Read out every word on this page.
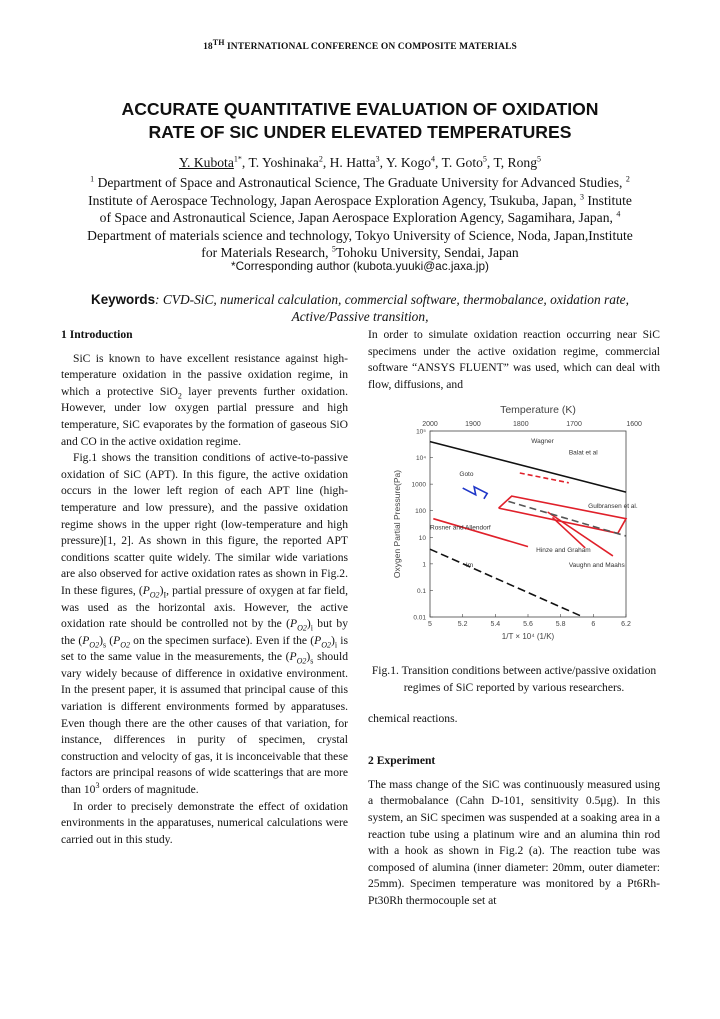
18TH INTERNATIONAL CONFERENCE ON COMPOSITE MATERIALS
ACCURATE QUANTITATIVE EVALUATION OF OXIDATION
RATE OF SIC UNDER ELEVATED TEMPERATURES
Y. Kubota$^{1*}$, T. Yoshinaka$^2$, H. Hatta$^3$, Y. Kogo$^4$, T. Goto$^5$, T, Rong$^5$
$^1$ Department of Space and Astronautical Science, The Graduate University for Advanced Studies, $^2$ Institute of Aerospace Technology, Japan Aerospace Exploration Agency, Tsukuba, Japan, $^3$ Institute of Space and Astronautical Science, Japan Aerospace Exploration Agency, Sagamihara, Japan, $^4$ Department of materials science and technology, Tokyo University of Science, Noda, Japan,Institute for Materials Research, $^5$Tohoku University, Sendai, Japan
*Corresponding author (kubota.yuuki@ac.jaxa.jp)
Keywords: CVD-SiC, numerical calculation, commercial software, thermobalance, oxidation rate, Active/Passive transition,
1 Introduction

SiC is known to have excellent resistance against high-temperature oxidation in the passive oxidation regime, in which a protective SiO$_2$ layer prevents further oxidation. However, under low oxygen partial pressure and high temperature, SiC evaporates by the formation of gaseous SiO and CO in the active oxidation regime.

Fig.1 shows the transition conditions of active-to-passive oxidation of SiC (APT). In this figure, the active oxidation occurs in the lower left region of each APT line (high-temperature and low pressure), and the passive oxidation regime shows in the upper right (low-temperature and high pressure)[1, 2]. As shown in this figure, the reported APT conditions scatter quite widely. The similar wide variations are also observed for active oxidation rates as shown in Fig.2. In these figures, $(P_{O2})_I$, partial pressure of oxygen at far field, was used as the horizontal axis. However, the active oxidation rate should be controlled not by the $(P_{O2})_i$ but by the $(P_{O2})_s$ ($P_{O2}$ on the specimen surface). Even if the $(P_{O2})_i$ is set to the same value in the measurements, the $(P_{O2})_s$ should vary widely because of difference in oxidative environment. In the present paper, it is assumed that principal cause of this variation is different environments formed by apparatuses. Even though there are the other causes of that variation, for instance, differences in purity of specimen, crystal construction and velocity of gas, it is inconceivable that these factors are principal reasons of wide scatterings that are more than $10^3$ orders of magnitude.

In order to precisely demonstrate the effect of oxidation environments in the apparatuses, numerical calculations were carried out in this study.

In order to simulate oxidation reaction occurring near SiC specimens under the active oxidation regime, commercial software “ANSYS FLUENT” was used, which can deal with flow, diffusions, and

Temperature (K)
2000	1900	1800	1700	1600
5	5.2	5.4	5.6	5.8	6	6.2
1/T × 10⁴ (1/K)
0.01
0.1
1
10
100
1000
10⁴
10⁵
Oxygen Partial Pressure(Pa)
Wagner
Balat et al
Goto
Gulbransen et al.
Rosner and Allendorf
Hinze and Graham
Im	Vaughn and Maahs
Fig.1. Transition conditions between active/passive oxidation regimes of SiC reported by various researchers.

chemical reactions.

2 Experiment

The mass change of the SiC was continuously measured using a thermobalance (Cahn D-101, sensitivity 0.5μg). In this system, an SiC specimen was suspended at a soaking area in a reaction tube using a platinum wire and an alumina thin rod with a hook as shown in Fig.2 (a). The reaction tube was composed of alumina (inner diameter: 20mm, outer diameter: 25mm). Specimen temperature was monitored by a Pt6Rh-Pt30Rh thermocouple set at
